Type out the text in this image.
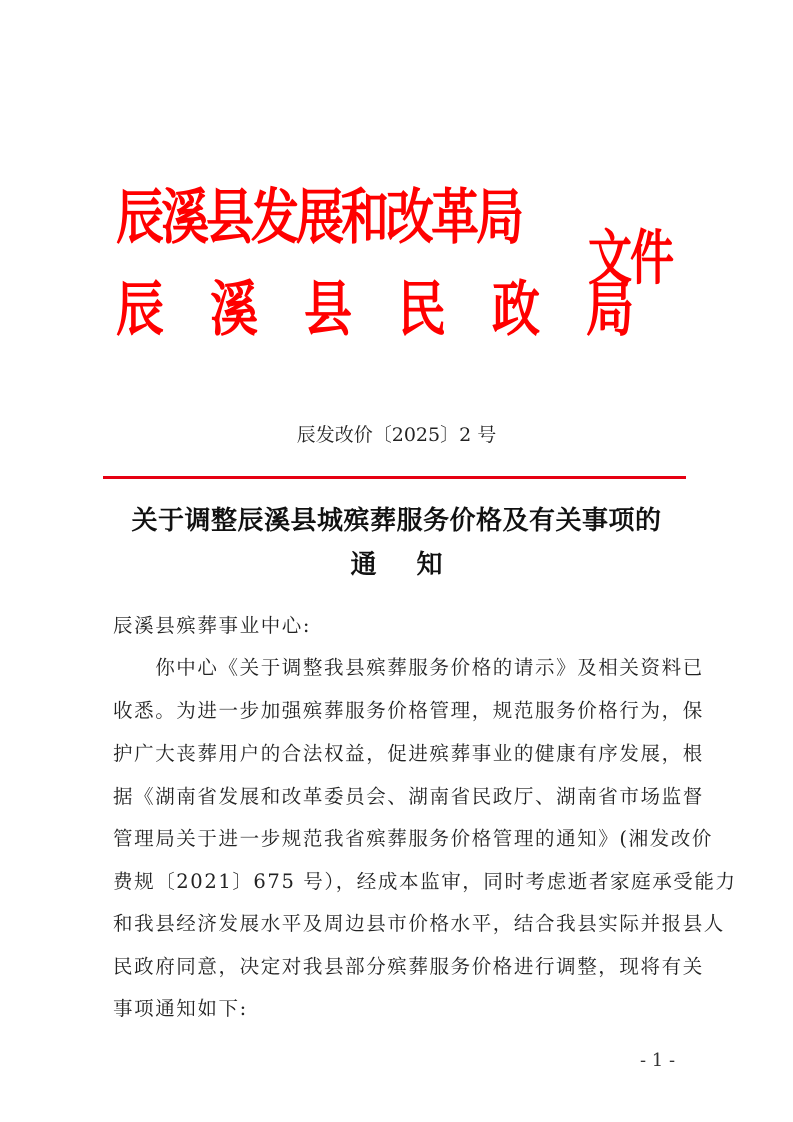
辰溪县发展和改革局
辰 溪 县 民 政 局
文件
辰发改价〔2025〕2 号
关于调整辰溪县城殡葬服务价格及有关事项的
通知
辰溪县殡葬事业中心:
　　你中心《关于调整我县殡葬服务价格的请示》及相关资料已
收悉。为进一步加强殡葬服务价格管理，规范服务价格行为，保
护广大丧葬用户的合法权益，促进殡葬事业的健康有序发展，根
据《湖南省发展和改革委员会、湖南省民政厅、湖南省市场监督
管理局关于进一步规范我省殡葬服务价格管理的通知》(湘发改价
费规〔2021〕675 号），经成本监审，同时考虑逝者家庭承受能力
和我县经济发展水平及周边县市价格水平，结合我县实际并报县人
民政府同意，决定对我县部分殡葬服务价格进行调整，现将有关
事项通知如下:
- 1 -
